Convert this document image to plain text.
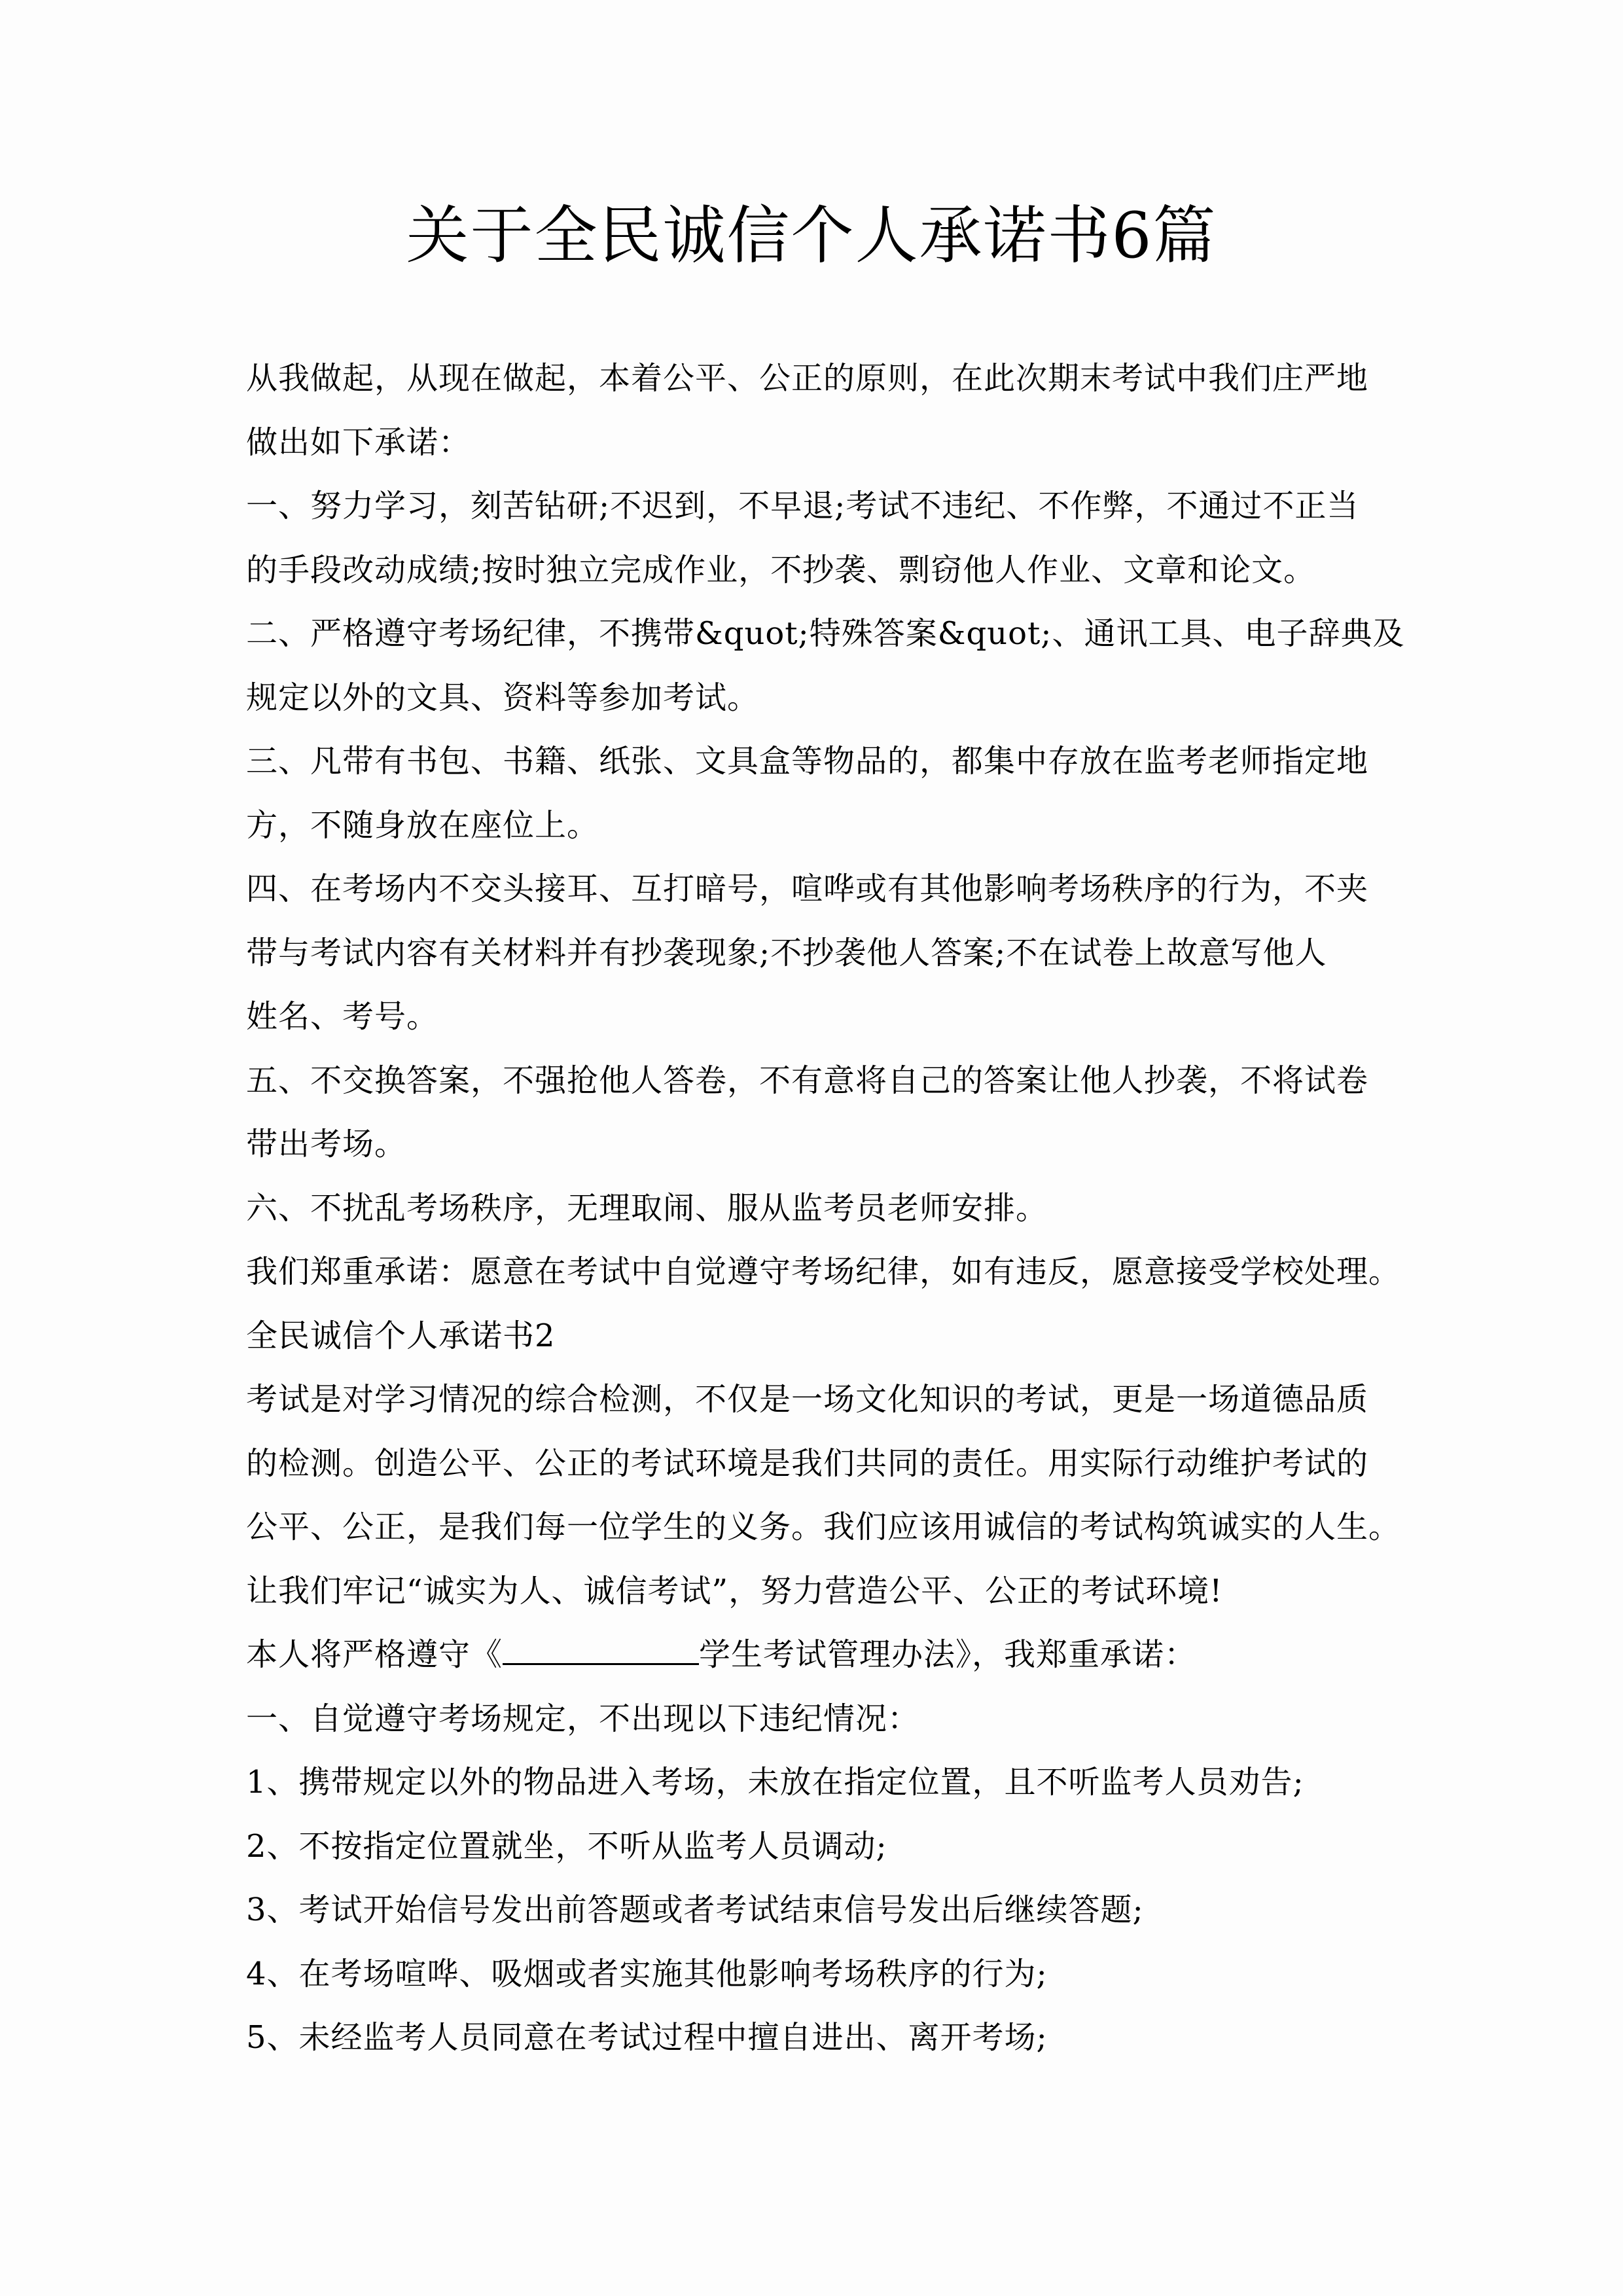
关于全民诚信个人承诺书6篇
从我做起，从现在做起，本着公平、公正的原则，在此次期末考试中我们庄严地
做出如下承诺：
一、努力学习，刻苦钻研;不迟到，不早退;考试不违纪、不作弊，不通过不正当
的手段改动成绩;按时独立完成作业，不抄袭、剽窃他人作业、文章和论文。
二、严格遵守考场纪律，不携带&quot;特殊答案&quot;、通讯工具、电子辞典及
规定以外的文具、资料等参加考试。
三、凡带有书包、书籍、纸张、文具盒等物品的，都集中存放在监考老师指定地
方，不随身放在座位上。
四、在考场内不交头接耳、互打暗号，喧哗或有其他影响考场秩序的行为，不夹
带与考试内容有关材料并有抄袭现象;不抄袭他人答案;不在试卷上故意写他人
姓名、考号。
五、不交换答案，不强抢他人答卷，不有意将自己的答案让他人抄袭，不将试卷
带出考场。
六、不扰乱考场秩序，无理取闹、服从监考员老师安排。
我们郑重承诺：愿意在考试中自觉遵守考场纪律，如有违反，愿意接受学校处理。
全民诚信个人承诺书2
考试是对学习情况的综合检测，不仅是一场文化知识的考试，更是一场道德品质
的检测。创造公平、公正的考试环境是我们共同的责任。用实际行动维护考试的
公平、公正，是我们每一位学生的义务。我们应该用诚信的考试构筑诚实的人生。
让我们牢记“诚实为人、诚信考试”，努力营造公平、公正的考试环境!
本人将严格遵守《	学生考试管理办法》，我郑重承诺：
一、自觉遵守考场规定，不出现以下违纪情况：
1、携带规定以外的物品进入考场，未放在指定位置，且不听监考人员劝告;
2、不按指定位置就坐，不听从监考人员调动;
3、考试开始信号发出前答题或者考试结束信号发出后继续答题;
4、在考场喧哗、吸烟或者实施其他影响考场秩序的行为;
5、未经监考人员同意在考试过程中擅自进出、离开考场;
